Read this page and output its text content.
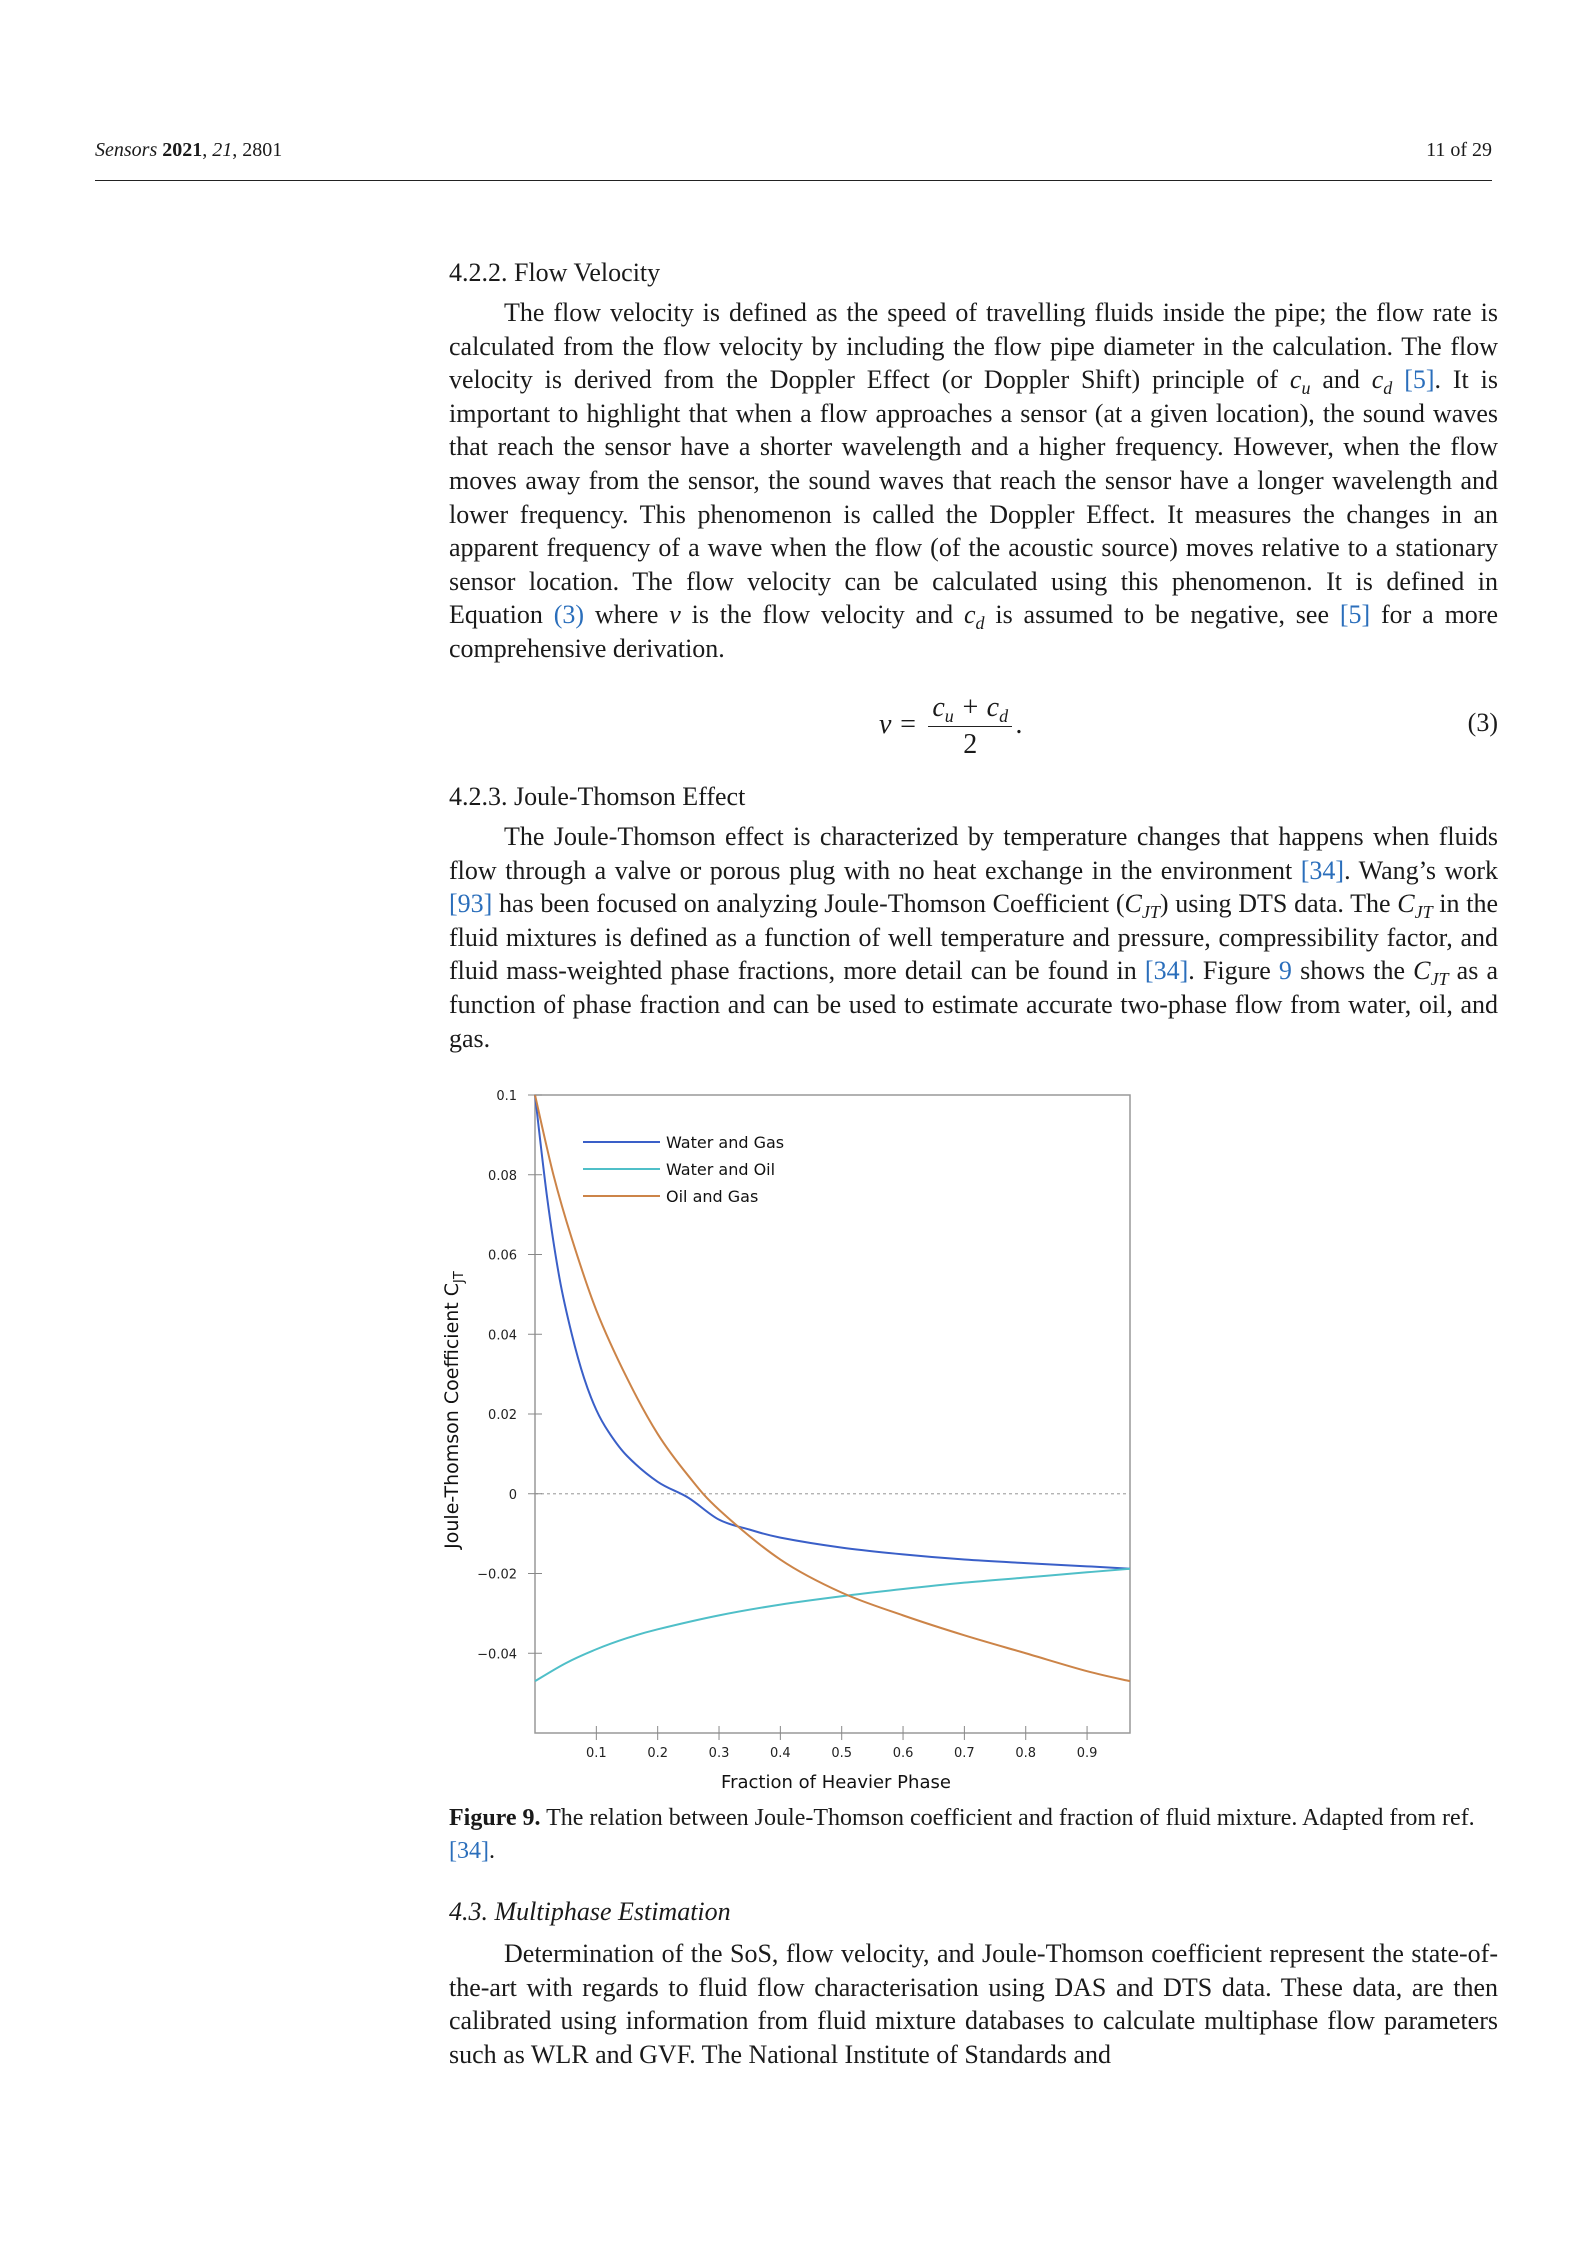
Sensors 2021, 21, 2801	11 of 29
4.2.2. Flow Velocity

The flow velocity is defined as the speed of travelling fluids inside the pipe; the flow rate is calculated from the flow velocity by including the flow pipe diameter in the calculation. The flow velocity is derived from the Doppler Effect (or Doppler Shift) principle of $c_u$ and $c_d$ [5]. It is important to highlight that when a flow approaches a sensor (at a given location), the sound waves that reach the sensor have a shorter wavelength and a higher frequency. However, when the flow moves away from the sensor, the sound waves that reach the sensor have a longer wavelength and lower frequency. This phenomenon is called the Doppler Effect. It measures the changes in an apparent frequency of a wave when the flow (of the acoustic source) moves relative to a stationary sensor location. The flow velocity can be calculated using this phenomenon. It is defined in Equation (3) where v is the flow velocity and $c_d$ is assumed to be negative, see [5] for a more comprehensive derivation.

$v = \frac{c_u + c_d}{2}$ .	(3)
4.2.3. Joule-Thomson Effect

The Joule-Thomson effect is characterized by temperature changes that happens when fluids flow through a valve or porous plug with no heat exchange in the environment [34]. Wang’s work [93] has been focused on analyzing Joule-Thomson Coefficient $(C_{JT})$ using DTS data. The $C_{JT}$ in the fluid mixtures is defined as a function of well temperature and pressure, compressibility factor, and fluid mass-weighted phase fractions, more detail can be found in [34]. Figure 9 shows the $C_{JT}$ as a function of phase fraction and can be used to estimate accurate two-phase flow from water, oil, and gas.

0.1
0.08
0.06
0.04
0.02
0
−0.02
−0.04
0.1	0.2	0.3	0.4	0.5	0.6	0.7	0.8	0.9
Water and Gas
Water and Oil
Oil and Gas
Fraction of Heavier Phase
Joule-Thomson Coefficient $C_{JT}$
Figure 9. The relation between Joule-Thomson coefficient and fraction of fluid mixture. Adapted from ref. [34].
4.3. Multiphase Estimation

Determination of the SoS, flow velocity, and Joule-Thomson coefficient represent the state-of-the-art with regards to fluid flow characterisation using DAS and DTS data. These data, are then calibrated using information from fluid mixture databases to calculate multiphase flow parameters such as WLR and GVF. The National Institute of Standards and
